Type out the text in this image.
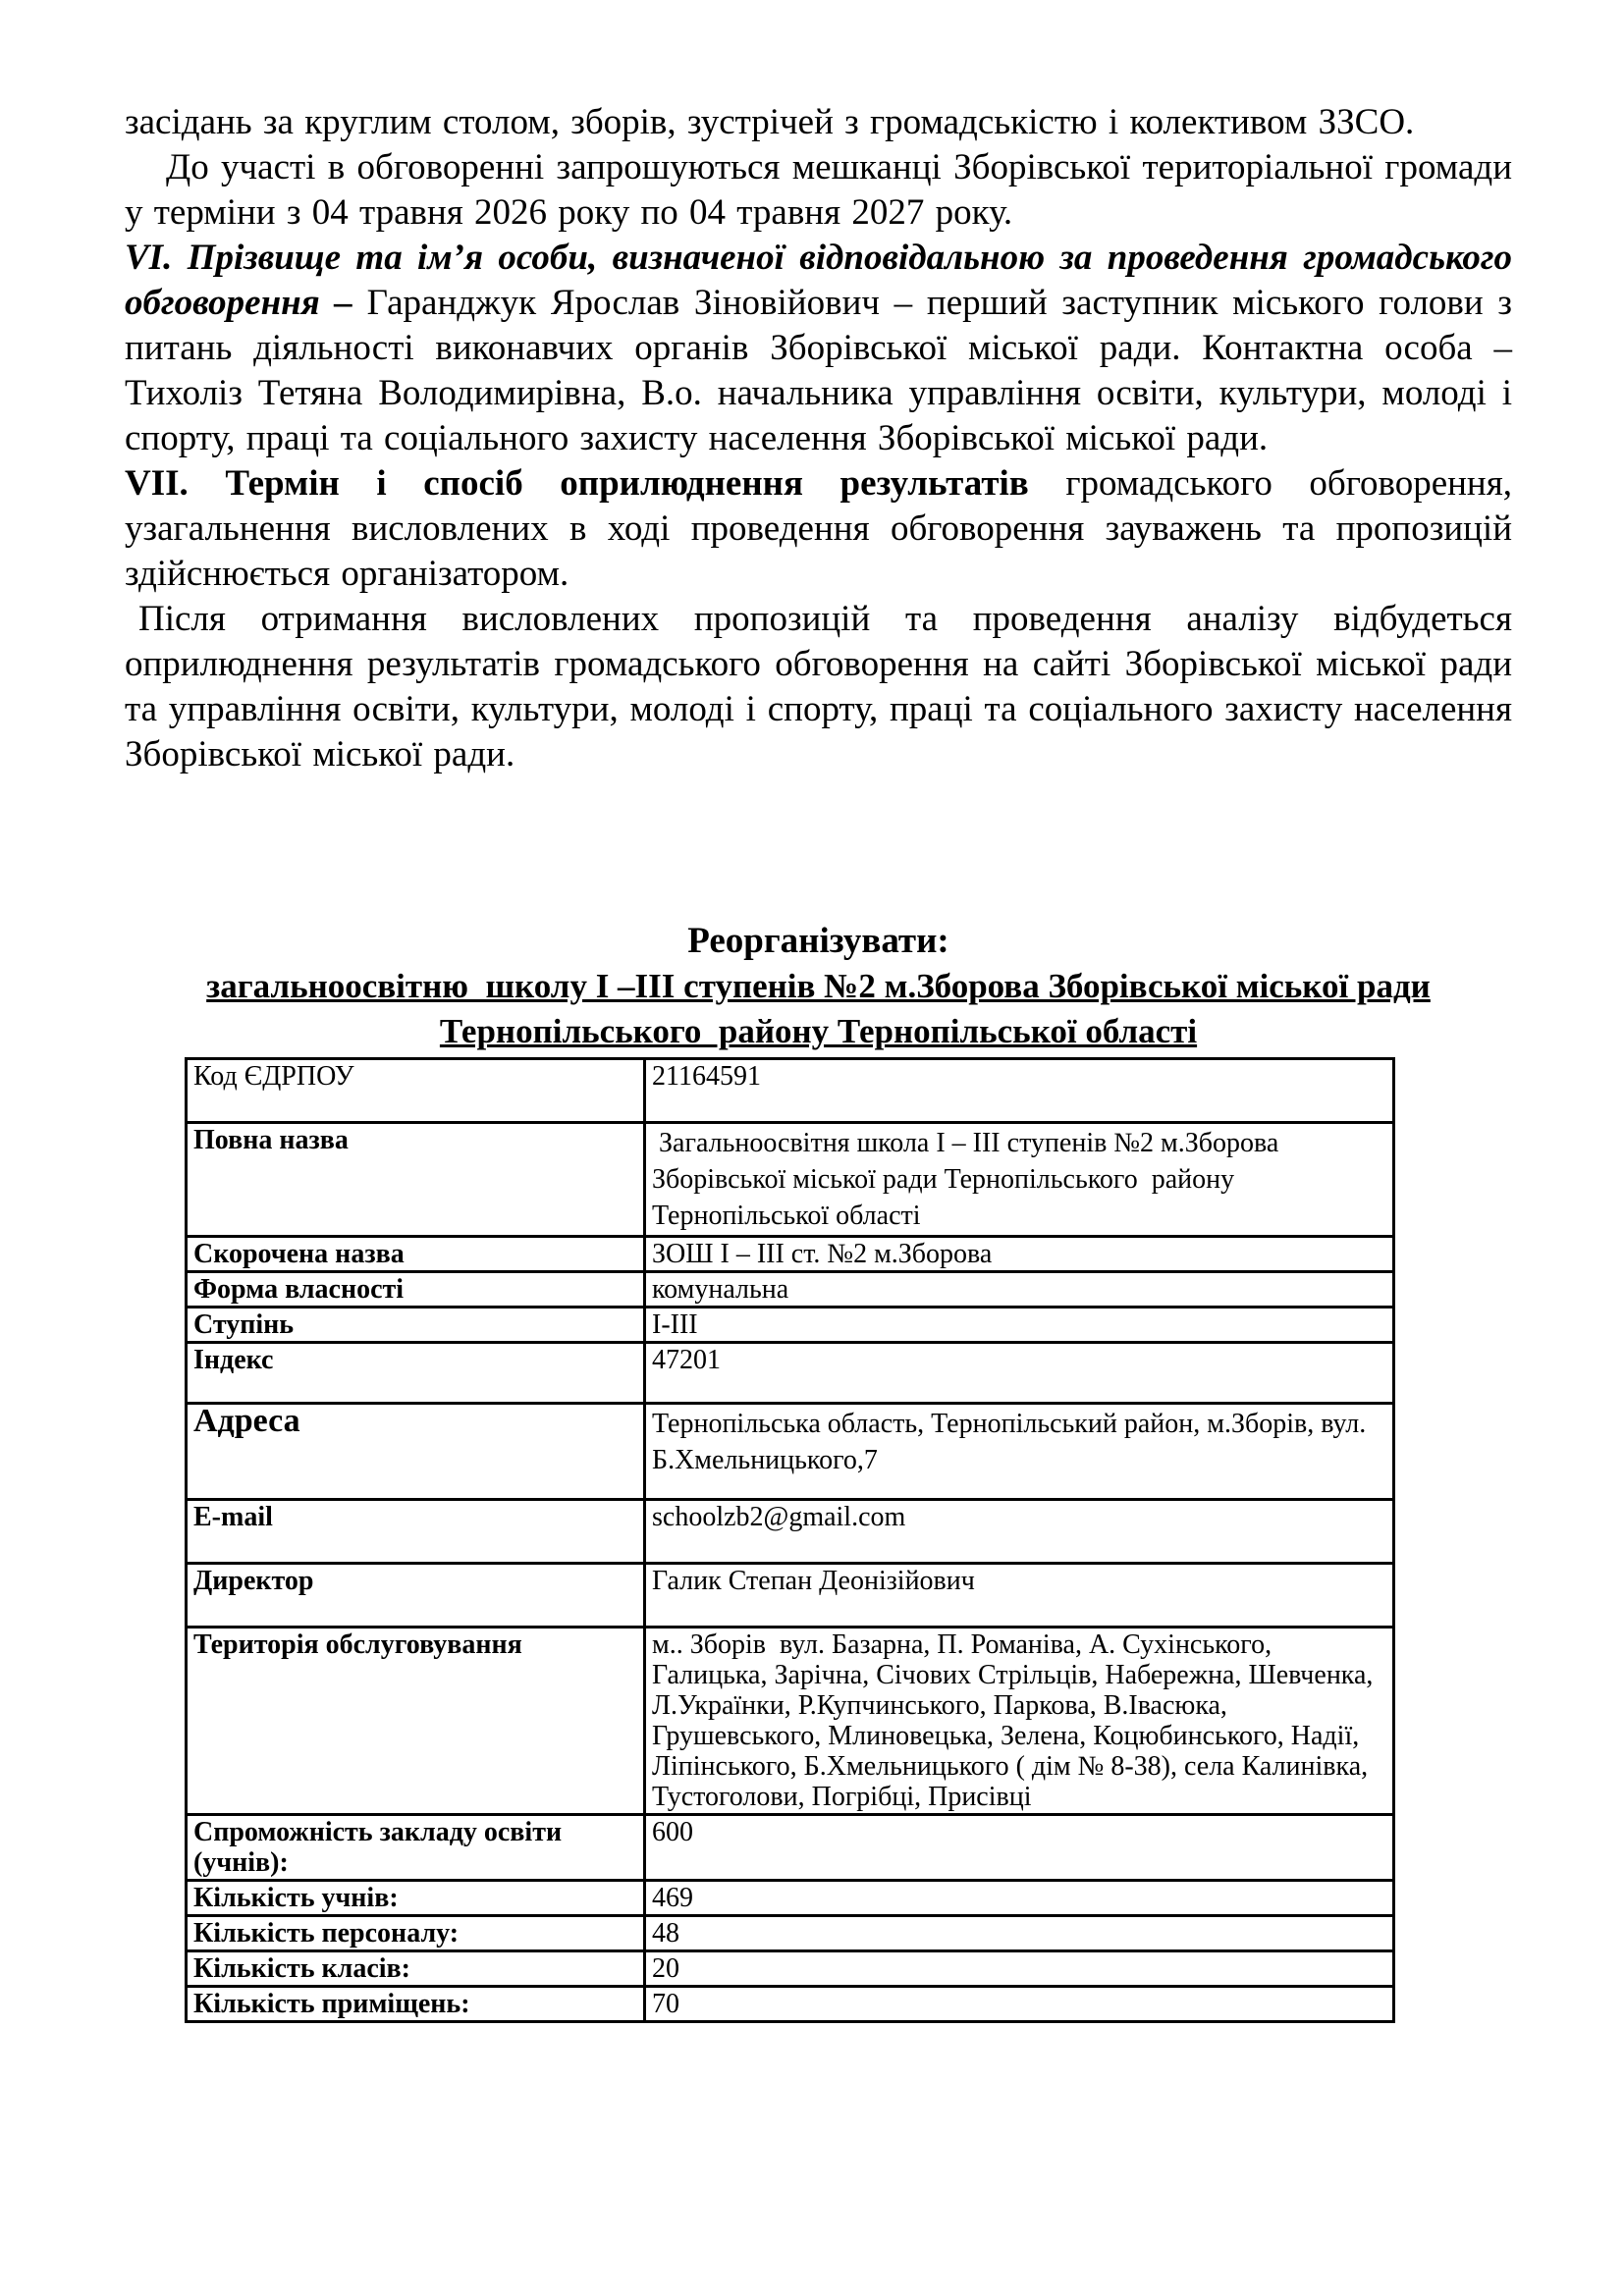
засідань за круглим столом, зборів, зустрічей з громадськістю і колективом ЗЗСО.

До участі в обговоренні запрошуються мешканці Зборівської територіальної громади у терміни з 04 травня 2026 року по 04 травня 2027 року.

VI. Прізвище та ім’я особи, визначеної відповідальною за проведення громадського обговорення – Гаранджук Ярослав Зіновійович – перший заступник міського голови з питань діяльності виконавчих органів Зборівської міської ради. Контактна особа – Тихоліз Тетяна Володимирівна, В.о. начальника управління освіти, культури, молоді і спорту, праці та соціального захисту населення Зборівської міської ради.

VII. Термін і спосіб оприлюднення результатів громадського обговорення, узагальнення висловлених в ході проведення обговорення зауважень та пропозицій здійснюється організатором.

Після отримання висловлених пропозицій та проведення аналізу відбудеться оприлюднення результатів громадського обговорення на сайті Зборівської міської ради та управління освіти, культури, молоді і спорту, праці та соціального захисту населення Зборівської міської ради.

Реорганізувати:

загальноосвітню  школу І –ІІІ ступенів №2 м.Зборова Зборівської міської ради

Тернопільського  району Тернопільської області

Код ЄДРПОУ	21164591
Повна назва	Загальноосвітня школа І – ІІІ ступенів №2 м.Зборова Зборівської міської ради Тернопільського  району Тернопільської області
Скорочена назва	ЗОШ І – ІІІ ст. №2 м.Зборова
Форма власності	комунальна
Ступінь	І-ІІІ
Індекс	47201
Адреса	Тернопільська область, Тернопільський район, м.Зборів, вул. Б.Хмельницького,7
E-mail	schoolzb2@gmail.com
Директор	Галик Степан Деонізійович
Територія обслуговування	м.. Зборів  вул. Базарна, П. Романіва, А. Сухінського, Галицька, Зарічна, Січових Стрільців, Набережна, Шевченка, Л.Українки, Р.Купчинського, Паркова, В.Івасюка, Грушевського, Млиновецька, Зелена, Коцюбинського, Надії,  Ліпінського, Б.Хмельницького ( дім № 8-38), села Калинівка, Тустоголови, Погрібці, Присівці
Спроможність закладу освіти (учнів):	600
Кількість учнів:	469
Кількість персоналу:	48
Кількість класів:	20
Кількість приміщень:	70
